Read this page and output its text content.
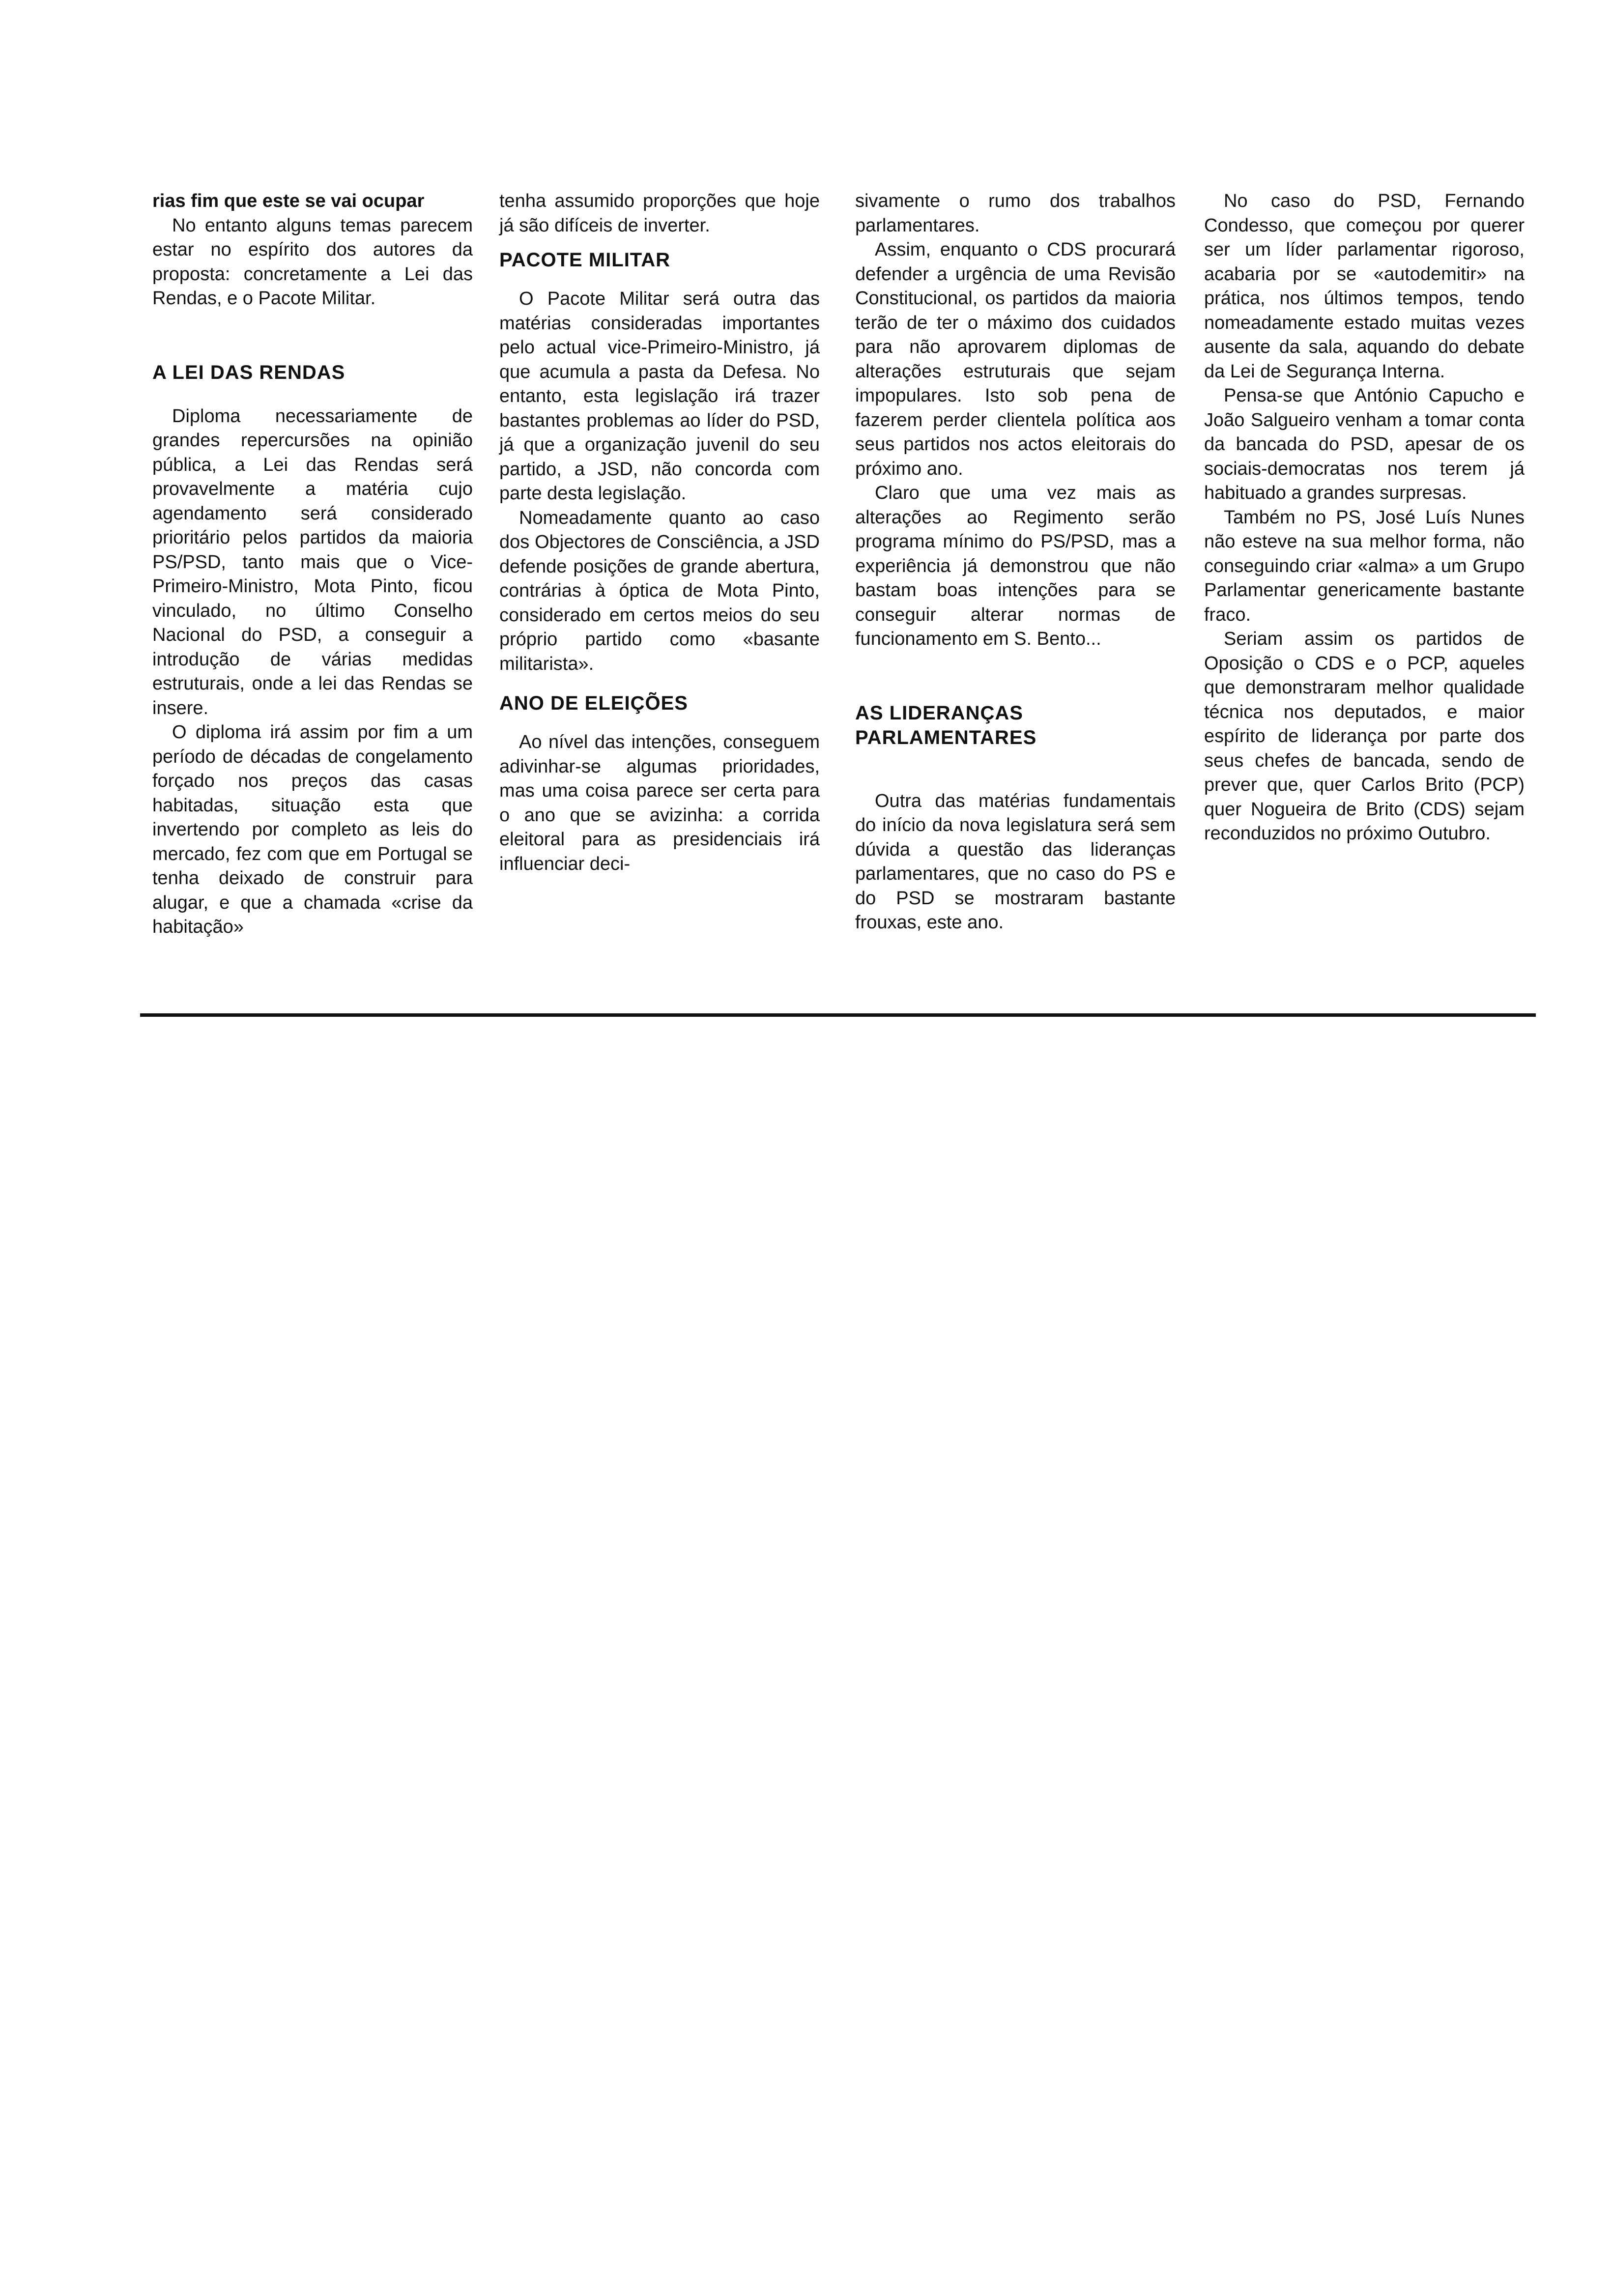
rias fim que este se vai ocupar

No entanto alguns temas parecem estar no espírito dos autores da proposta: concretamente a Lei das Rendas, e o Pacote Militar.

A LEI DAS RENDAS

Diploma necessariamente de grandes repercursões na opinião pública, a Lei das Rendas será provavelmente a matéria cujo agendamento será considerado prioritário pelos partidos da maioria PS/PSD, tanto mais que o Vice-Primeiro-Ministro, Mota Pinto, ficou vinculado, no último Conselho Nacional do PSD, a conseguir a introdução de várias medidas estruturais, onde a lei das Rendas se insere.

O diploma irá assim por fim a um período de décadas de congelamento forçado nos preços das casas habitadas, situação esta que invertendo por completo as leis do mercado, fez com que em Portugal se tenha deixado de construir para alugar, e que a chamada «crise da habitação»

tenha assumido proporções que hoje já são difíceis de inverter.

PACOTE MILITAR

O Pacote Militar será outra das matérias consideradas importantes pelo actual vice-Primeiro-Ministro, já que acumula a pasta da Defesa. No entanto, esta legislação irá trazer bastantes problemas ao líder do PSD, já que a organização juvenil do seu partido, a JSD, não concorda com parte desta legislação.

Nomeadamente quanto ao caso dos Objectores de Consciência, a JSD defende posições de grande abertura, contrárias à óptica de Mota Pinto, considerado em certos meios do seu próprio partido como «basante militarista».

ANO DE ELEIÇÕES

Ao nível das intenções, conseguem adivinhar-se algumas prioridades, mas uma coisa parece ser certa para o ano que se avizinha: a corrida eleitoral para as presidenciais irá influenciar deci-

sivamente o rumo dos trabalhos parlamentares.

Assim, enquanto o CDS procurará defender a urgência de uma Revisão Constitucional, os partidos da maioria terão de ter o máximo dos cuidados para não aprovarem diplomas de alterações estruturais que sejam impopulares. Isto sob pena de fazerem perder clientela política aos seus partidos nos actos eleitorais do próximo ano.

Claro que uma vez mais as alterações ao Regimento serão programa mínimo do PS/PSD, mas a experiência já demonstrou que não bastam boas intenções para se conseguir alterar normas de funcionamento em S. Bento...

AS LIDERANÇAS PARLAMENTARES

Outra das matérias fundamentais do início da nova legislatura será sem dúvida a questão das lideranças parlamentares, que no caso do PS e do PSD se mostraram bastante frouxas, este ano.

No caso do PSD, Fernando Condesso, que começou por querer ser um líder parlamentar rigoroso, acabaria por se «autodemitir» na prática, nos últimos tempos, tendo nomeadamente estado muitas vezes ausente da sala, aquando do debate da Lei de Segurança Interna.

Pensa-se que António Capucho e João Salgueiro venham a tomar conta da bancada do PSD, apesar de os sociais-democratas nos terem já habituado a grandes surpresas.

Também no PS, José Luís Nunes não esteve na sua melhor forma, não conseguindo criar «alma» a um Grupo Parlamentar genericamente bastante fraco.

Seriam assim os partidos de Oposição o CDS e o PCP, aqueles que demonstraram melhor qualidade técnica nos deputados, e maior espírito de liderança por parte dos seus chefes de bancada, sendo de prever que, quer Carlos Brito (PCP) quer Nogueira de Brito (CDS) sejam reconduzidos no próximo Outubro.
